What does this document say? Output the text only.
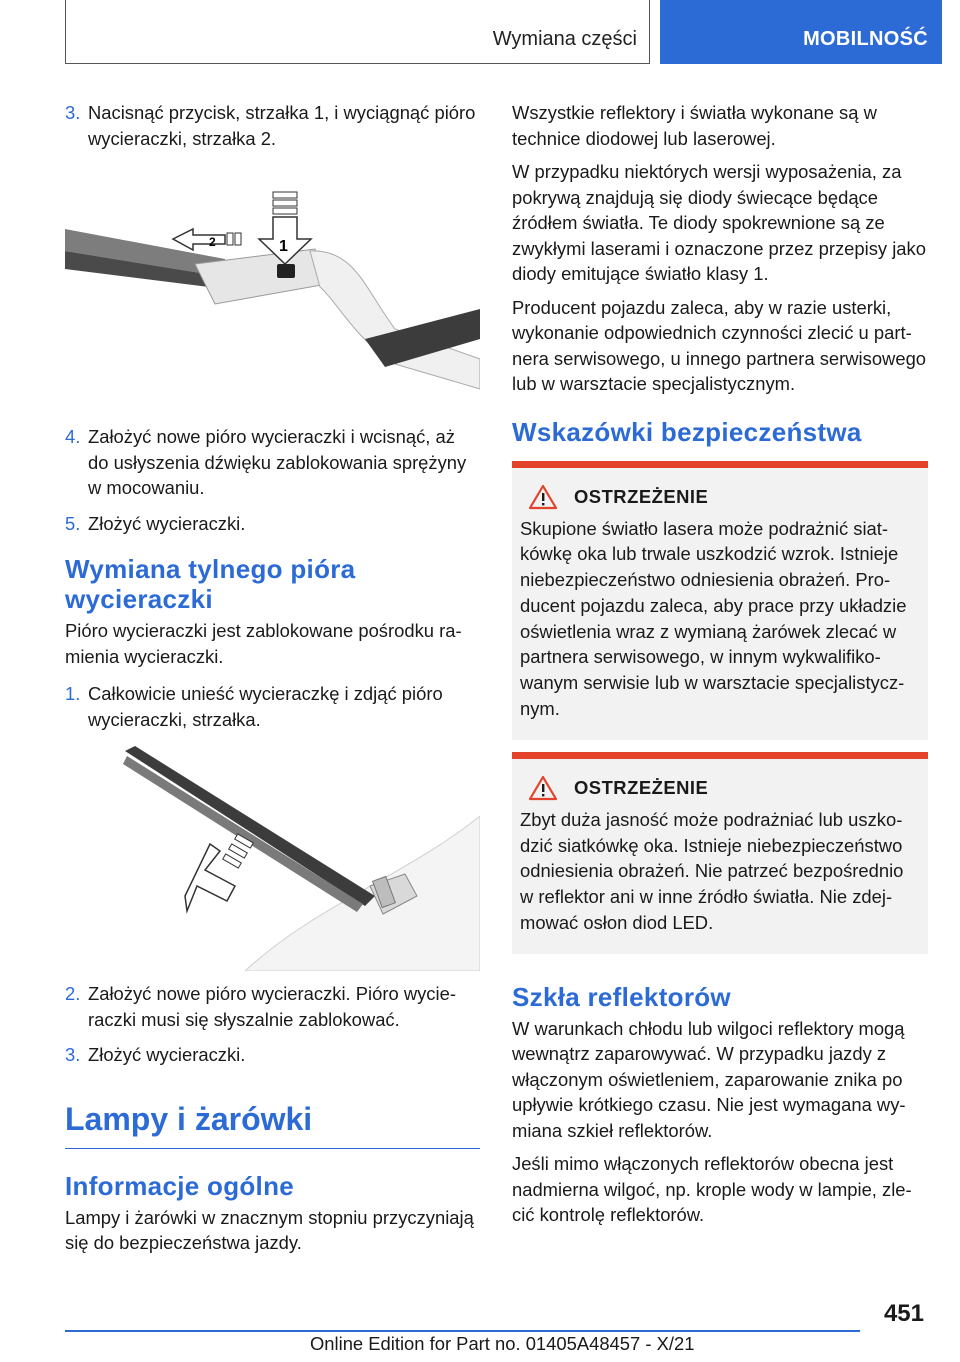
Wymiana części	MOBILNOŚĆ
3. Nacisnąć przycisk, strzałka 1, i wyciągnąć pióro wycieraczki, strzałka 2.
2	1
4. Założyć nowe pióro wycieraczki i wcisnąć, aż do usłyszenia dźwięku zablokowania sprężyny w mocowaniu.
5. Złożyć wycieraczki.
Wymiana tylnego pióra wycieraczki

Pióro wycieraczki jest zablokowane pośrodku ramienia wycieraczki.

1. Całkowicie unieść wycieraczkę i zdjąć pióro wycieraczki, strzałka.
2. Założyć nowe pióro wycieraczki. Pióro wycieraczki musi się słyszalnie zablokować.
3. Złożyć wycieraczki.
Lampy i żarówki
Informacje ogólne

Lampy i żarówki w znacznym stopniu przyczyniają się do bezpieczeństwa jazdy.

Wszystkie reflektory i światła wykonane są w technice diodowej lub laserowej.

W przypadku niektórych wersji wyposażenia, za pokrywą znajdują się diody świecące będące źródłem światła. Te diody spokrewnione są ze zwykłymi laserami i oznaczone przez przepisy jako diody emitujące światło klasy 1.

Producent pojazdu zaleca, aby w razie usterki, wykonanie odpowiednich czynności zlecić u partnera serwisowego, u innego partnera serwisowego lub w warsztacie specjalistycznym.

Wskazówki bezpieczeństwa
OSTRZEŻENIE

Skupione światło lasera może podrażnić siatkówkę oka lub trwale uszkodzić wzrok. Istnieje niebezpieczeństwo odniesienia obrażeń. Producent pojazdu zaleca, aby prace przy układzie oświetlenia wraz z wymianą żarówek zlecać w partnera serwisowego, w innym wykwalifikowanym serwisie lub w warsztacie specjalistycznym.

OSTRZEŻENIE

Zbyt duża jasność może podrażniać lub uszkodzić siatkówkę oka. Istnieje niebezpieczeństwo odniesienia obrażeń. Nie patrzeć bezpośrednio w reflektor ani w inne źródło światła. Nie zdejmować osłon diod LED.

Szkła reflektorów

W warunkach chłodu lub wilgoci reflektory mogą wewnątrz zaparowywać. W przypadku jazdy z włączonym oświetleniem, zaparowanie znika po upływie krótkiego czasu. Nie jest wymagana wymiana szkieł reflektorów.

Jeśli mimo włączonych reflektorów obecna jest nadmierna wilgoć, np. krople wody w lampie, zlecić kontrolę reflektorów.

451
Online Edition for Part no. 01405A48457 - X/21
